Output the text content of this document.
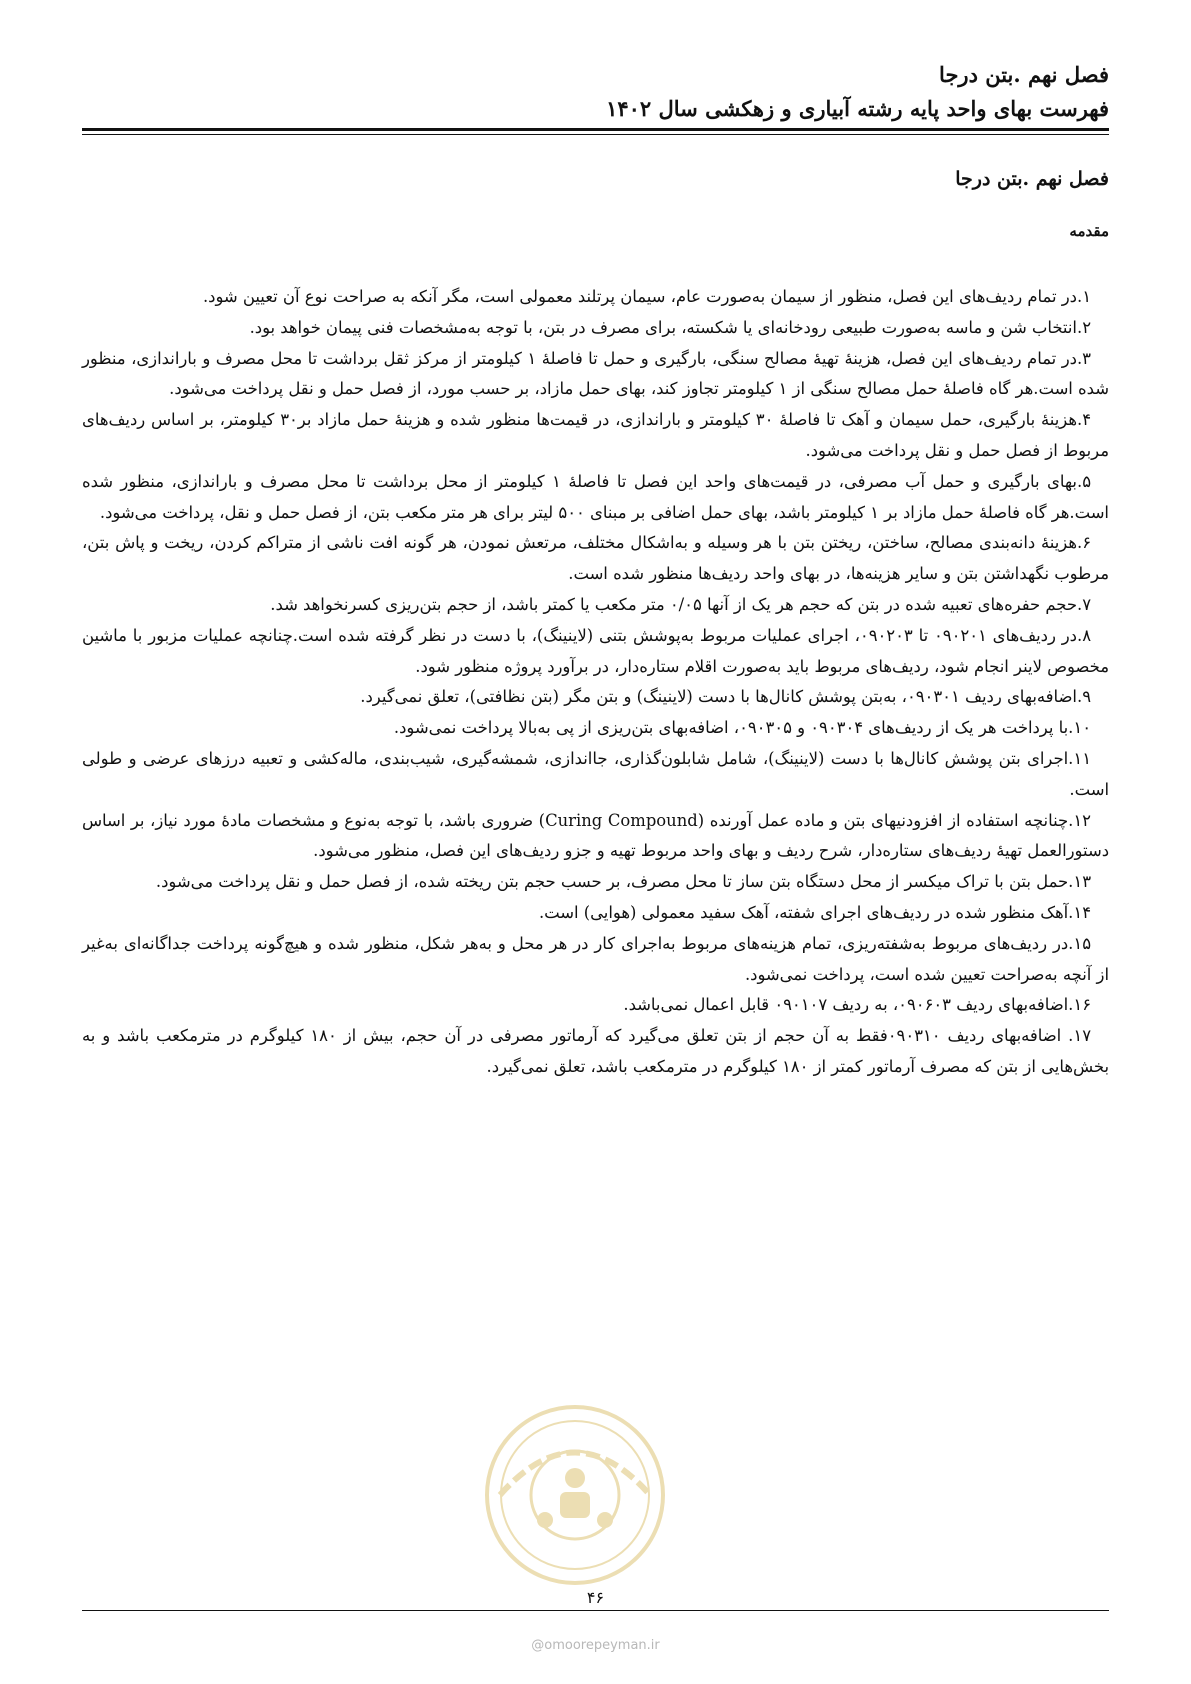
فصل نهم .بتن درجا
فهرست بهای واحد پایه رشته آبیاری و زهکشی سال ۱۴۰۲
فصل نهم .بتن درجا
مقدمه

۱.در تمام ردیف‌های این فصل، منظور از سیمان به‌صورت عام، سیمان پرتلند معمولی است، مگر آنکه به صراحت نوع آن تعیین شود.

۲.انتخاب شن و ماسه به‌صورت طبیعی رودخانه‌ای یا شکسته، برای مصرف در بتن، با توجه به‌مشخصات فنی پیمان خواهد بود.

۳.در تمام ردیف‌های این فصل، هزینهٔ تهیهٔ مصالح سنگی، بارگیری و حمل تا فاصلهٔ ۱ کیلومتر از مرکز ثقل برداشت تا محل مصرف و باراندازی، منظور شده است.هر گاه فاصلهٔ حمل مصالح سنگی از ۱ کیلومتر تجاوز کند، بهای حمل مازاد، بر حسب مورد، از فصل حمل و نقل پرداخت می‌شود.

۴.هزینهٔ بارگیری، حمل سیمان و آهک تا فاصلهٔ ۳۰ کیلومتر و باراندازی، در قیمت‌ها منظور شده و هزینهٔ حمل مازاد بر۳۰ کیلومتر، بر اساس ردیف‌های مربوط از فصل حمل و نقل پرداخت می‌شود.

۵.بهای بارگیری و حمل آب مصرفی، در قیمت‌های واحد این فصل تا فاصلهٔ ۱ کیلومتر از محل برداشت تا محل مصرف و باراندازی، منظور شده است.هر گاه فاصلهٔ حمل مازاد بر ۱ کیلومتر باشد، بهای حمل اضافی بر مبنای ۵۰۰ لیتر برای هر متر مکعب بتن، از فصل حمل و نقل، پرداخت می‌شود.

۶.هزینهٔ دانه‌بندی مصالح، ساختن، ریختن بتن با هر وسیله و به‌اشکال مختلف، مرتعش نمودن، هر گونه افت ناشی از متراکم کردن، ریخت و پاش بتن، مرطوب نگهداشتن بتن و سایر هزینه‌ها، در بهای واحد ردیف‌ها منظور شده است.

۷.حجم حفره‌های تعبیه شده در بتن که حجم هر یک از آنها ۰/۰۵ متر مکعب یا کمتر باشد، از حجم بتن‌ریزی کسرنخواهد شد.

۸.در ردیف‌های ۰۹۰۲۰۱ تا ۰۹۰۲۰۳، اجرای عملیات مربوط به‌پوشش بتنی (لاینینگ)، با دست در نظر گرفته شده است.چنانچه عملیات مزبور با ماشین مخصوص لاینر انجام شود، ردیف‌های مربوط باید به‌صورت اقلام ستاره‌دار، در برآورد پروژه منظور شود.

۹.اضافه‌بهای ردیف ۰۹۰۳۰۱، به‌بتن پوشش کانال‌ها با دست (لاینینگ) و بتن مگر (بتن نظافتی)، تعلق نمی‌گیرد.

۱۰.با پرداخت هر یک از ردیف‌های ۰۹۰۳۰۴ و ۰۹۰۳۰۵، اضافه‌بهای بتن‌ریزی از پی به‌بالا پرداخت نمی‌شود.

۱۱.اجرای بتن پوشش کانال‌ها با دست (لاینینگ)، شامل شابلون‌گذاری، جااندازی، شمشه‌گیری، شیب‌بندی، ماله‌کشی و تعبیه درزهای عرضی و طولی است.

۱۲.چنانچه استفاده از افزودنیهای بتن و ماده عمل آورنده (Curing Compound) ضروری باشد، با توجه به‌نوع و مشخصات مادهٔ مورد نیاز، بر اساس دستورالعمل تهیهٔ ردیف‌های ستاره‌دار، شرح ردیف و بهای واحد مربوط تهیه و جزو ردیف‌های این فصل، منظور می‌شود.

۱۳.حمل بتن با تراک میکسر از محل دستگاه بتن ساز تا محل مصرف، بر حسب حجم بتن ریخته شده، از فصل حمل و نقل پرداخت می‌شود.

۱۴.آهک منظور شده در ردیف‌های اجرای شفته، آهک سفید معمولی (هوایی) است.

۱۵.در ردیف‌های مربوط به‌شفته‌ریزی، تمام هزینه‌های مربوط به‌اجرای کار در هر محل و به‌هر شکل، منظور شده و هیچ‌گونه پرداخت جداگانه‌ای به‌غیر از آنچه به‌صراحت تعیین شده است، پرداخت نمی‌شود.

۱۶.اضافه‌بهای ردیف ۰۹۰۶۰۳، به ردیف ۰۹۰۱۰۷ قابل اعمال نمی‌باشد.

۱۷. اضافه‌بهای ردیف ۰۹۰۳۱۰فقط به آن حجم از بتن تعلق می‌گیرد که آرماتور مصرفی در آن حجم، بیش از ۱۸۰ کیلوگرم در مترمکعب باشد و به بخش‌هایی از بتن که مصرف آرماتور کمتر از ۱۸۰ کیلوگرم در مترمکعب باشد، تعلق نمی‌گیرد.

۴۶
@omoorepeyman.ir
